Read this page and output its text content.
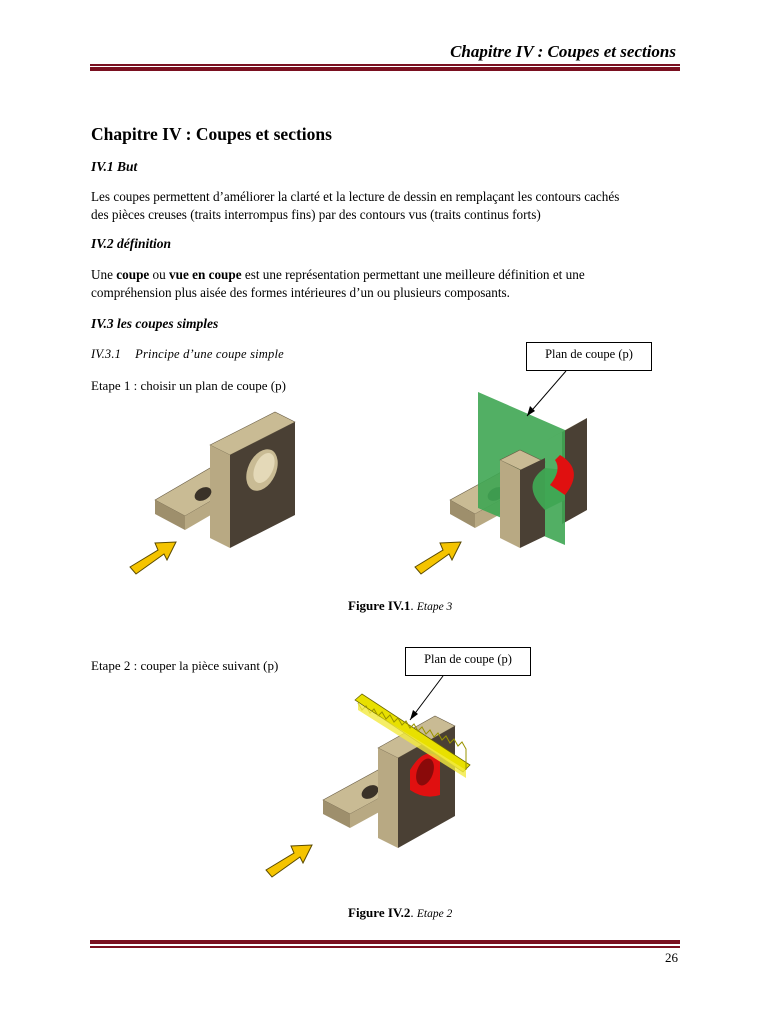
Chapitre IV : Coupes et sections
Chapitre IV : Coupes et sections
IV.1 But
Les coupes permettent d’améliorer la clarté et la lecture de dessin en remplaçant les contours cachés
des pièces creuses (traits interrompus fins) par des contours vus (traits continus forts)
IV.2 définition
Une coupe ou vue en coupe est une représentation permettant une meilleure définition et une
compréhension plus aisée des formes intérieures d’un ou plusieurs composants.
IV.3 les coupes simples
IV.3.1 Principe d’une coupe simple
Etape 1 : choisir un plan de coupe (p)
Plan de coupe (p)
Figure IV.1. Etape 3
Etape 2 : couper la pièce suivant (p)	Plan de coupe (p)
Figure IV.2. Etape 2
26
